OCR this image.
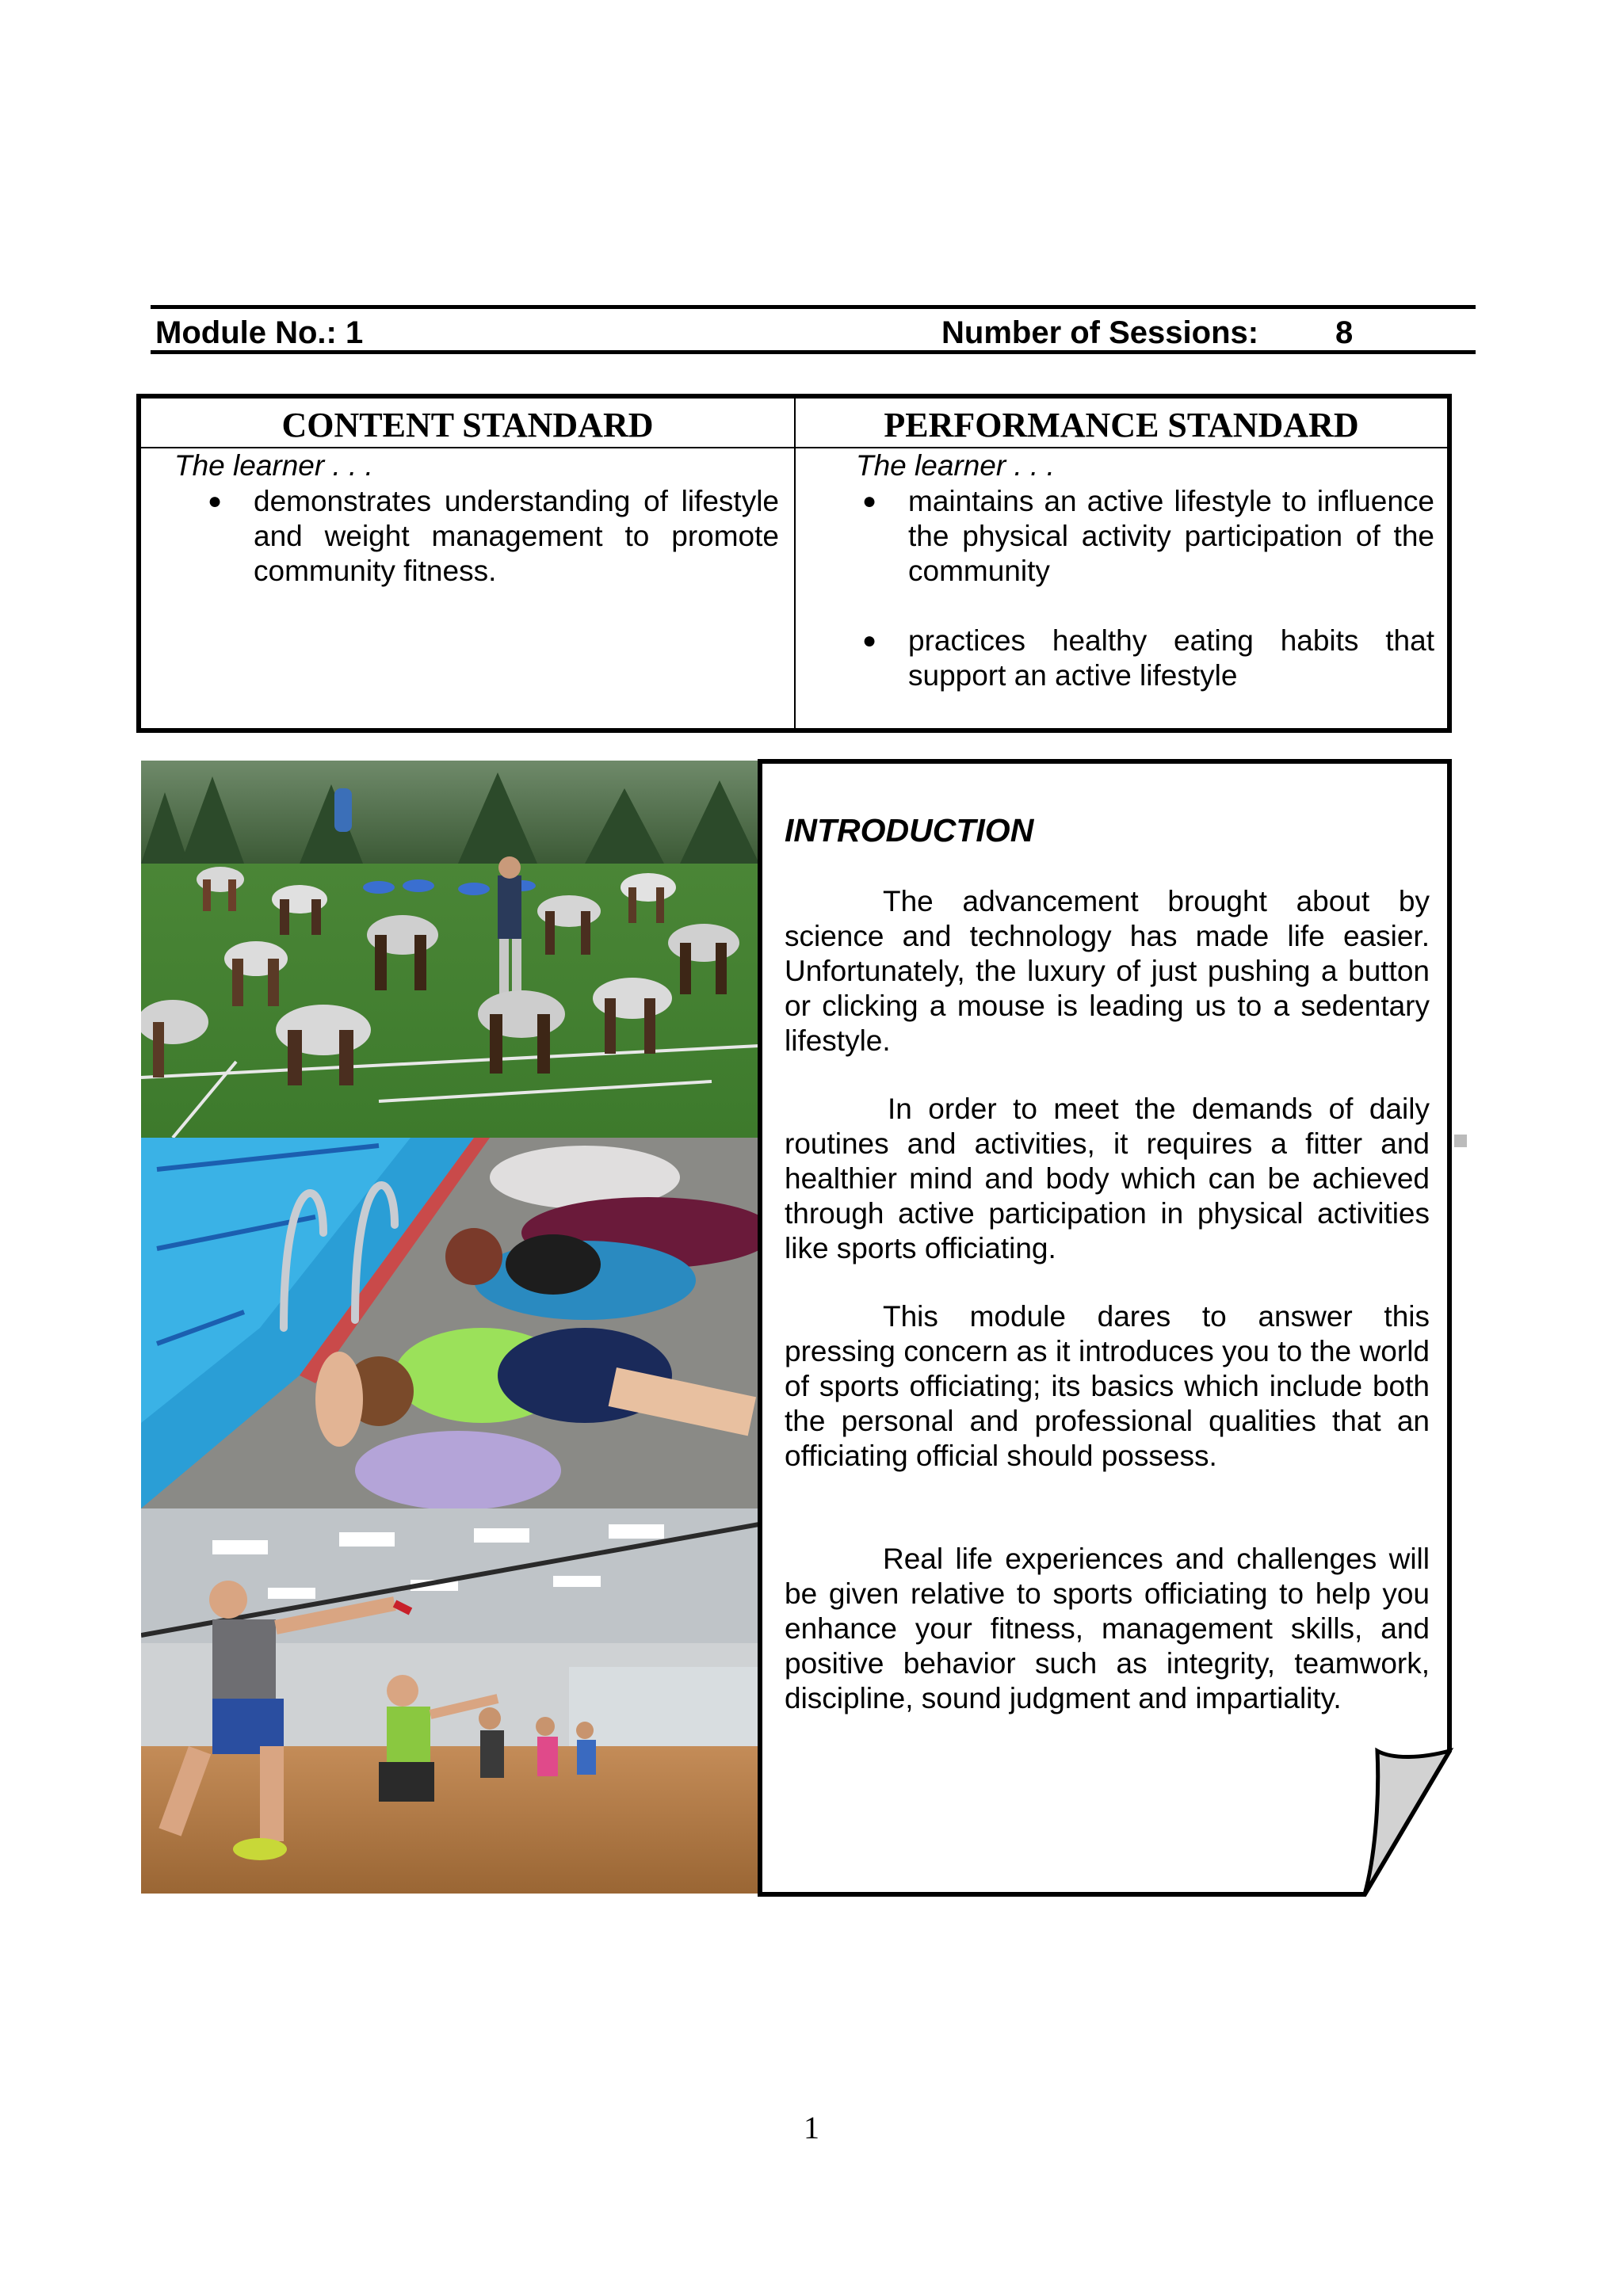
Module No.: 1	Number of Sessions: 8
CONTENT STANDARD	PERFORMANCE STANDARD
The learner . . .
● demonstrates understanding of lifestyle and weight management to promote community fitness.
The learner . . .
● maintains an active lifestyle to influence the physical activity participation of the community
● practices healthy eating habits that support an active lifestyle
INTRODUCTION
The advancement brought about by science and technology has made life easier. Unfortunately, the luxury of just pushing a button or clicking a mouse is leading us to a sedentary lifestyle.
In order to meet the demands of daily routines and activities, it requires a fitter and healthier mind and body which can be achieved through active participation in physical activities like sports officiating.
This module dares to answer this pressing concern as it introduces you to the world of sports officiating; its basics which include both the personal and professional qualities that an officiating official should possess.
Real life experiences and challenges will be given relative to sports officiating to help you enhance your fitness, management skills, and positive behavior such as integrity, teamwork, discipline, sound judgment and impartiality.
1
